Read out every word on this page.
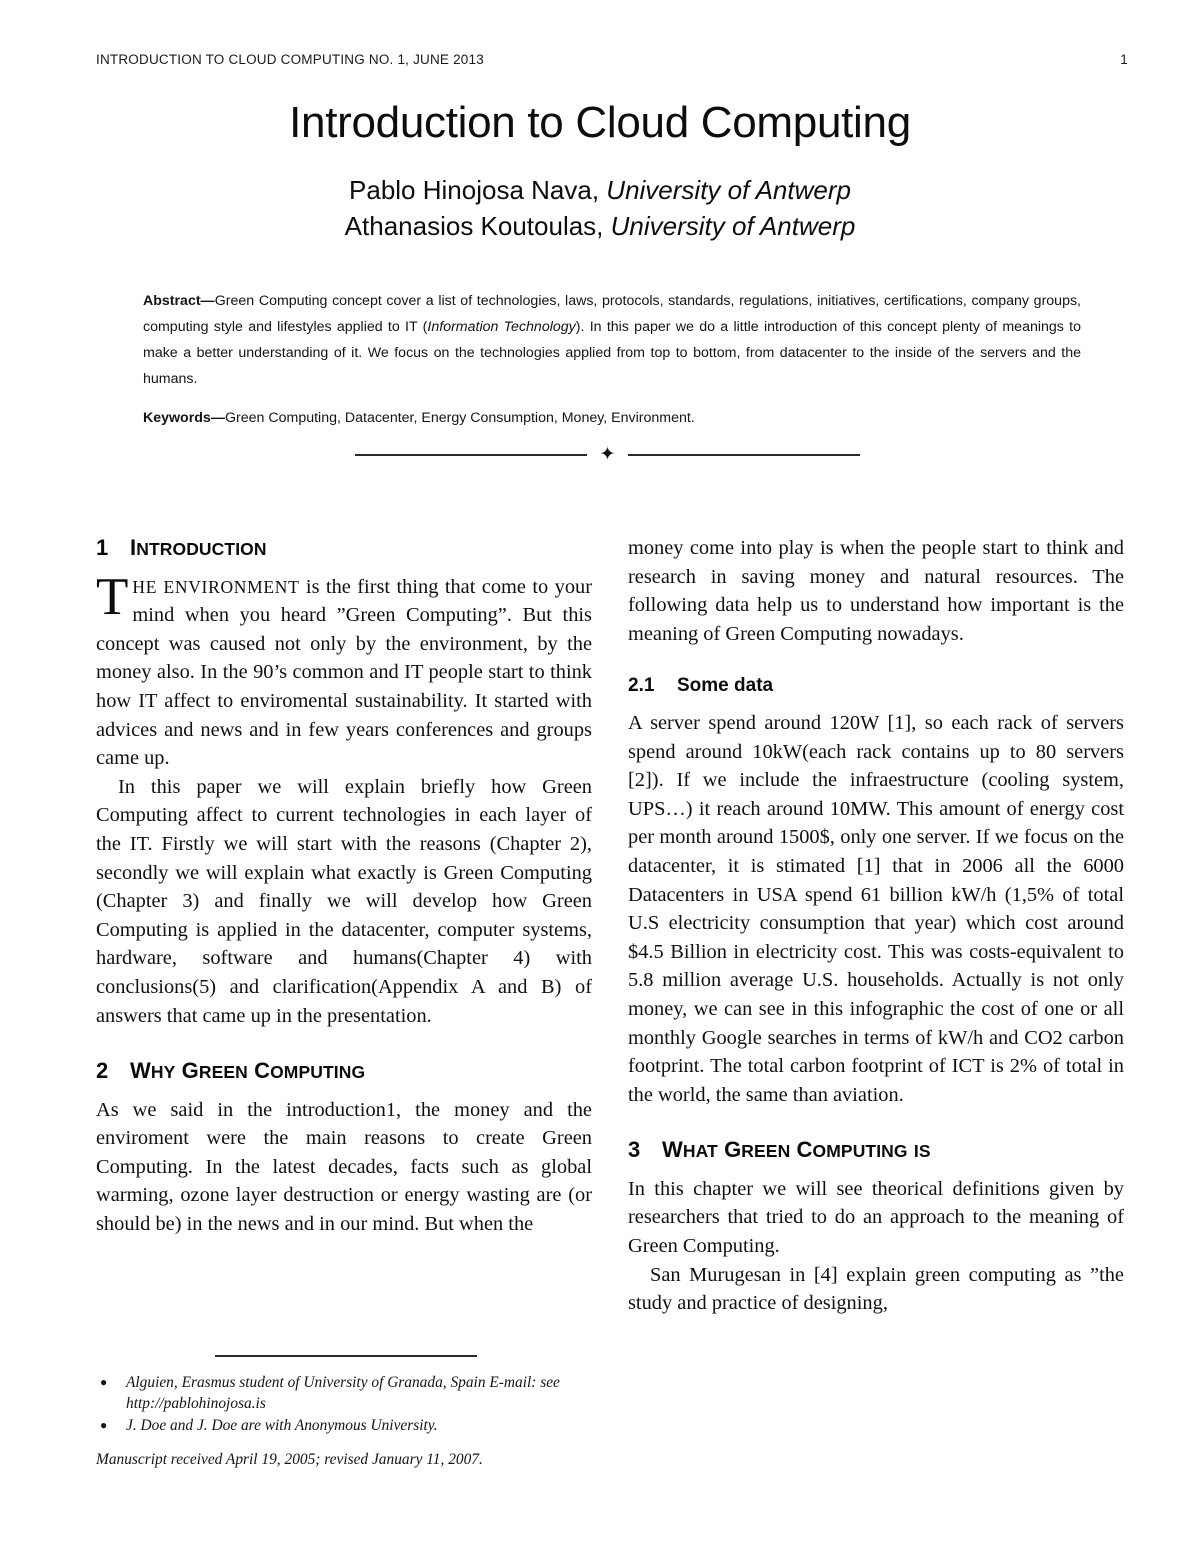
INTRODUCTION TO CLOUD COMPUTING NO. 1, JUNE 2013	1
Introduction to Cloud Computing
Pablo Hinojosa Nava, University of Antwerp
Athanasios Koutoulas, University of Antwerp
Abstract—Green Computing concept cover a list of technologies, laws, protocols, standards, regulations, initiatives, certifications, company groups, computing style and lifestyles applied to IT (Information Technology). In this paper we do a little introduction of this concept plenty of meanings to make a better understanding of it. We focus on the technologies applied from top to bottom, from datacenter to the inside of the servers and the humans.
Keywords—Green Computing, Datacenter, Energy Consumption, Money, Environment.
✦
1 INTRODUCTION

THE ENVIRONMENT is the first thing that come to your mind when you heard ”Green Computing”. But this concept was caused not only by the environment, by the money also. In the 90’s common and IT people start to think how IT affect to enviromental sustainability. It started with advices and news and in few years conferences and groups came up.

In this paper we will explain briefly how Green Computing affect to current technologies in each layer of the IT. Firstly we will start with the reasons (Chapter 2), secondly we will explain what exactly is Green Computing (Chapter 3) and finally we will develop how Green Computing is applied in the datacenter, computer systems, hardware, software and humans(Chapter 4) with conclusions(5) and clarification(Appendix A and B) of answers that came up in the presentation.

2 WHY GREEN COMPUTING

As we said in the introduction1, the money and the enviroment were the main reasons to create Green Computing. In the latest decades, facts such as global warming, ozone layer destruction or energy wasting are (or should be) in the news and in our mind. But when the

money come into play is when the people start to think and research in saving money and natural resources. The following data help us to understand how important is the meaning of Green Computing nowadays.

2.1	Some data

A server spend around 120W [1], so each rack of servers spend around 10kW(each rack contains up to 80 servers [2]). If we include the infraestructure (cooling system, UPS…) it reach around 10MW. This amount of energy cost per month around 1500$, only one server. If we focus on the datacenter, it is stimated [1] that in 2006 all the 6000 Datacenters in USA spend 61 billion kW/h (1,5% of total U.S electricity consumption that year) which cost around $4.5 Billion in electricity cost. This was costs-equivalent to 5.8 million average U.S. households. Actually is not only money, we can see in this infographic the cost of one or all monthly Google searches in terms of kW/h and CO2 carbon footprint. The total carbon footprint of ICT is 2% of total in the world, the same than aviation.

3 WHAT GREEN COMPUTING IS

In this chapter we will see theorical definitions given by researchers that tried to do an approach to the meaning of Green Computing.

San Murugesan in [4] explain green computing as ”the study and practice of designing,

● Alguien, Erasmus student of University of Granada, Spain E-mail: see http://pablohinojosa.is
● J. Doe and J. Doe are with Anonymous University.
Manuscript received April 19, 2005; revised January 11, 2007.
